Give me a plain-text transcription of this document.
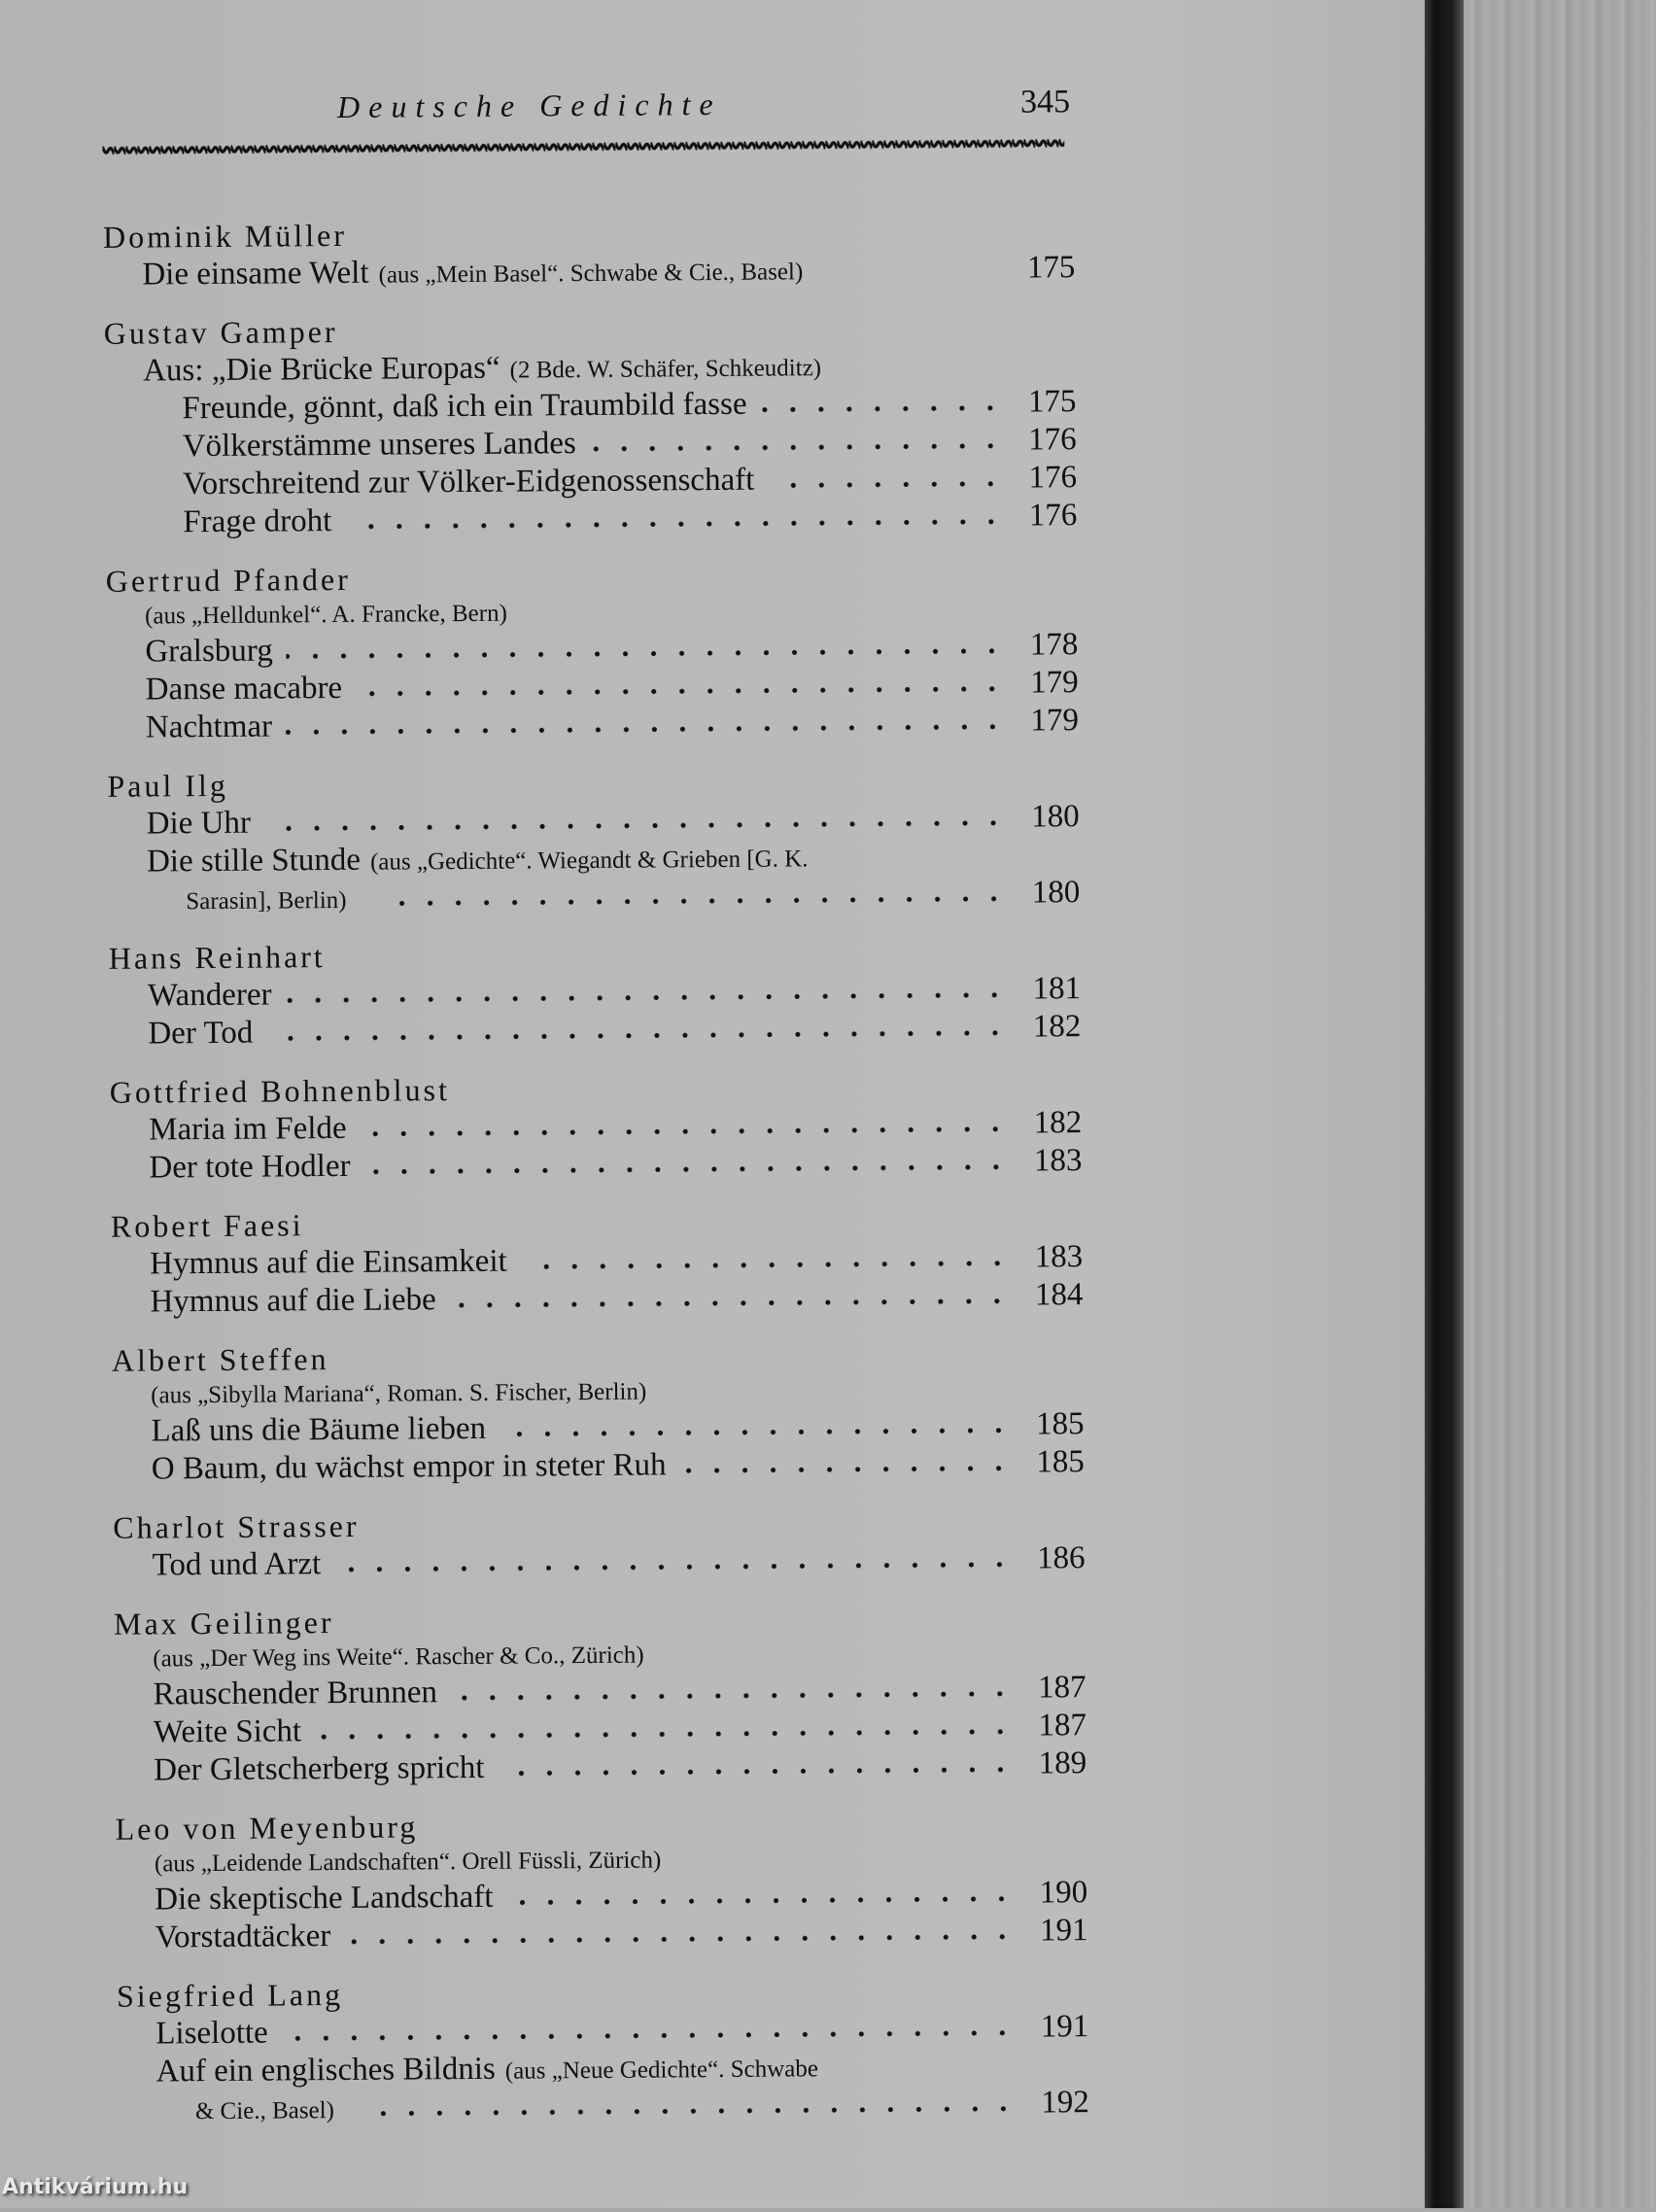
Deutsche Gedichte	345
Dominik Müller
Die einsame Welt (aus „Mein Basel“. Schwabe & Cie., Basel)	175
Gustav Gamper
Aus: „Die Brücke Europas“ (2 Bde. W. Schäfer, Schkeuditz)
Freunde, gönnt, daß ich ein Traumbild fasse	175
Völkerstämme unseres Landes	176
Vorschreitend zur Völker-Eidgenossenschaft	176
Frage droht	176
Gertrud Pfander
(aus „Helldunkel“. A. Francke, Bern)
Gralsburg	178
Danse macabre	179
Nachtmar	179
Paul Ilg
Die Uhr	180
Die stille Stunde (aus „Gedichte“. Wiegandt & Grieben [G. K.
Sarasin], Berlin)	180
Hans Reinhart
Wanderer	181
Der Tod	182
Gottfried Bohnenblust
Maria im Felde	182
Der tote Hodler	183
Robert Faesi
Hymnus auf die Einsamkeit	183
Hymnus auf die Liebe	184
Albert Steffen
(aus „Sibylla Mariana“, Roman. S. Fischer, Berlin)
Laß uns die Bäume lieben	185
O Baum, du wächst empor in steter Ruh	185
Charlot Strasser
Tod und Arzt	186
Max Geilinger
(aus „Der Weg ins Weite“. Rascher & Co., Zürich)
Rauschender Brunnen	187
Weite Sicht	187
Der Gletscherberg spricht	189
Leo von Meyenburg
(aus „Leidende Landschaften“. Orell Füssli, Zürich)
Die skeptische Landschaft	190
Vorstadtäcker	191
Siegfried Lang
Liselotte	191
Auf ein englisches Bildnis (aus „Neue Gedichte“. Schwabe
& Cie., Basel)	192
Antikvárium.hu
